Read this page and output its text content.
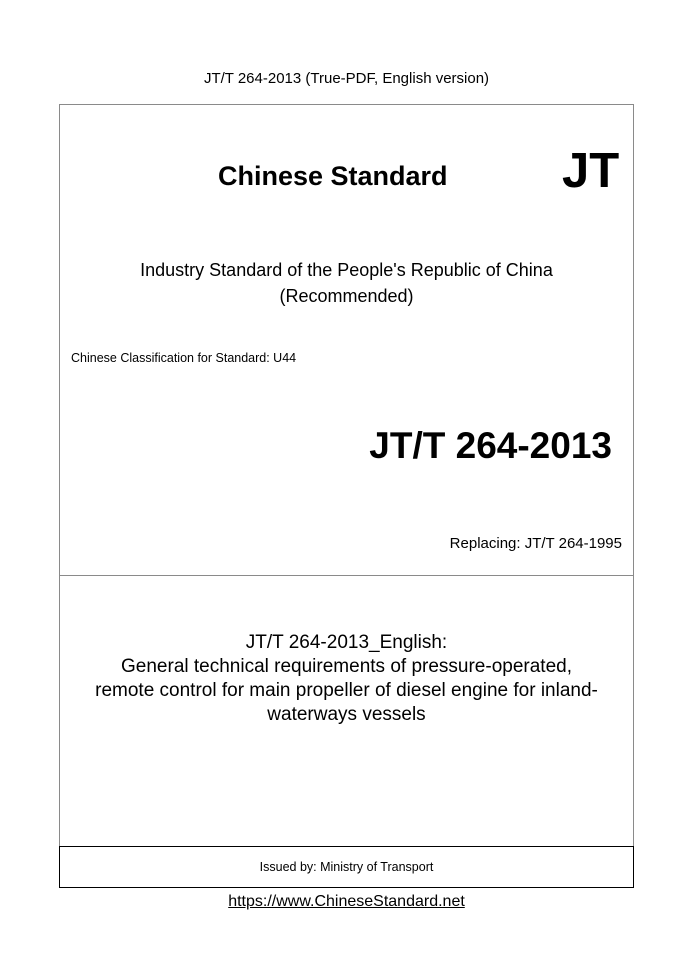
JT/T 264-2013 (True-PDF, English version)
Chinese Standard JT
Industry Standard of the People's Republic of China
(Recommended)
Chinese Classification for Standard: U44
JT/T 264-2013
Replacing: JT/T 264-1995
JT/T 264-2013_English:
General technical requirements of pressure-operated,
remote control for main propeller of diesel engine for inland-
waterways vessels
Issued by: Ministry of Transport
https://www.ChineseStandard.net
